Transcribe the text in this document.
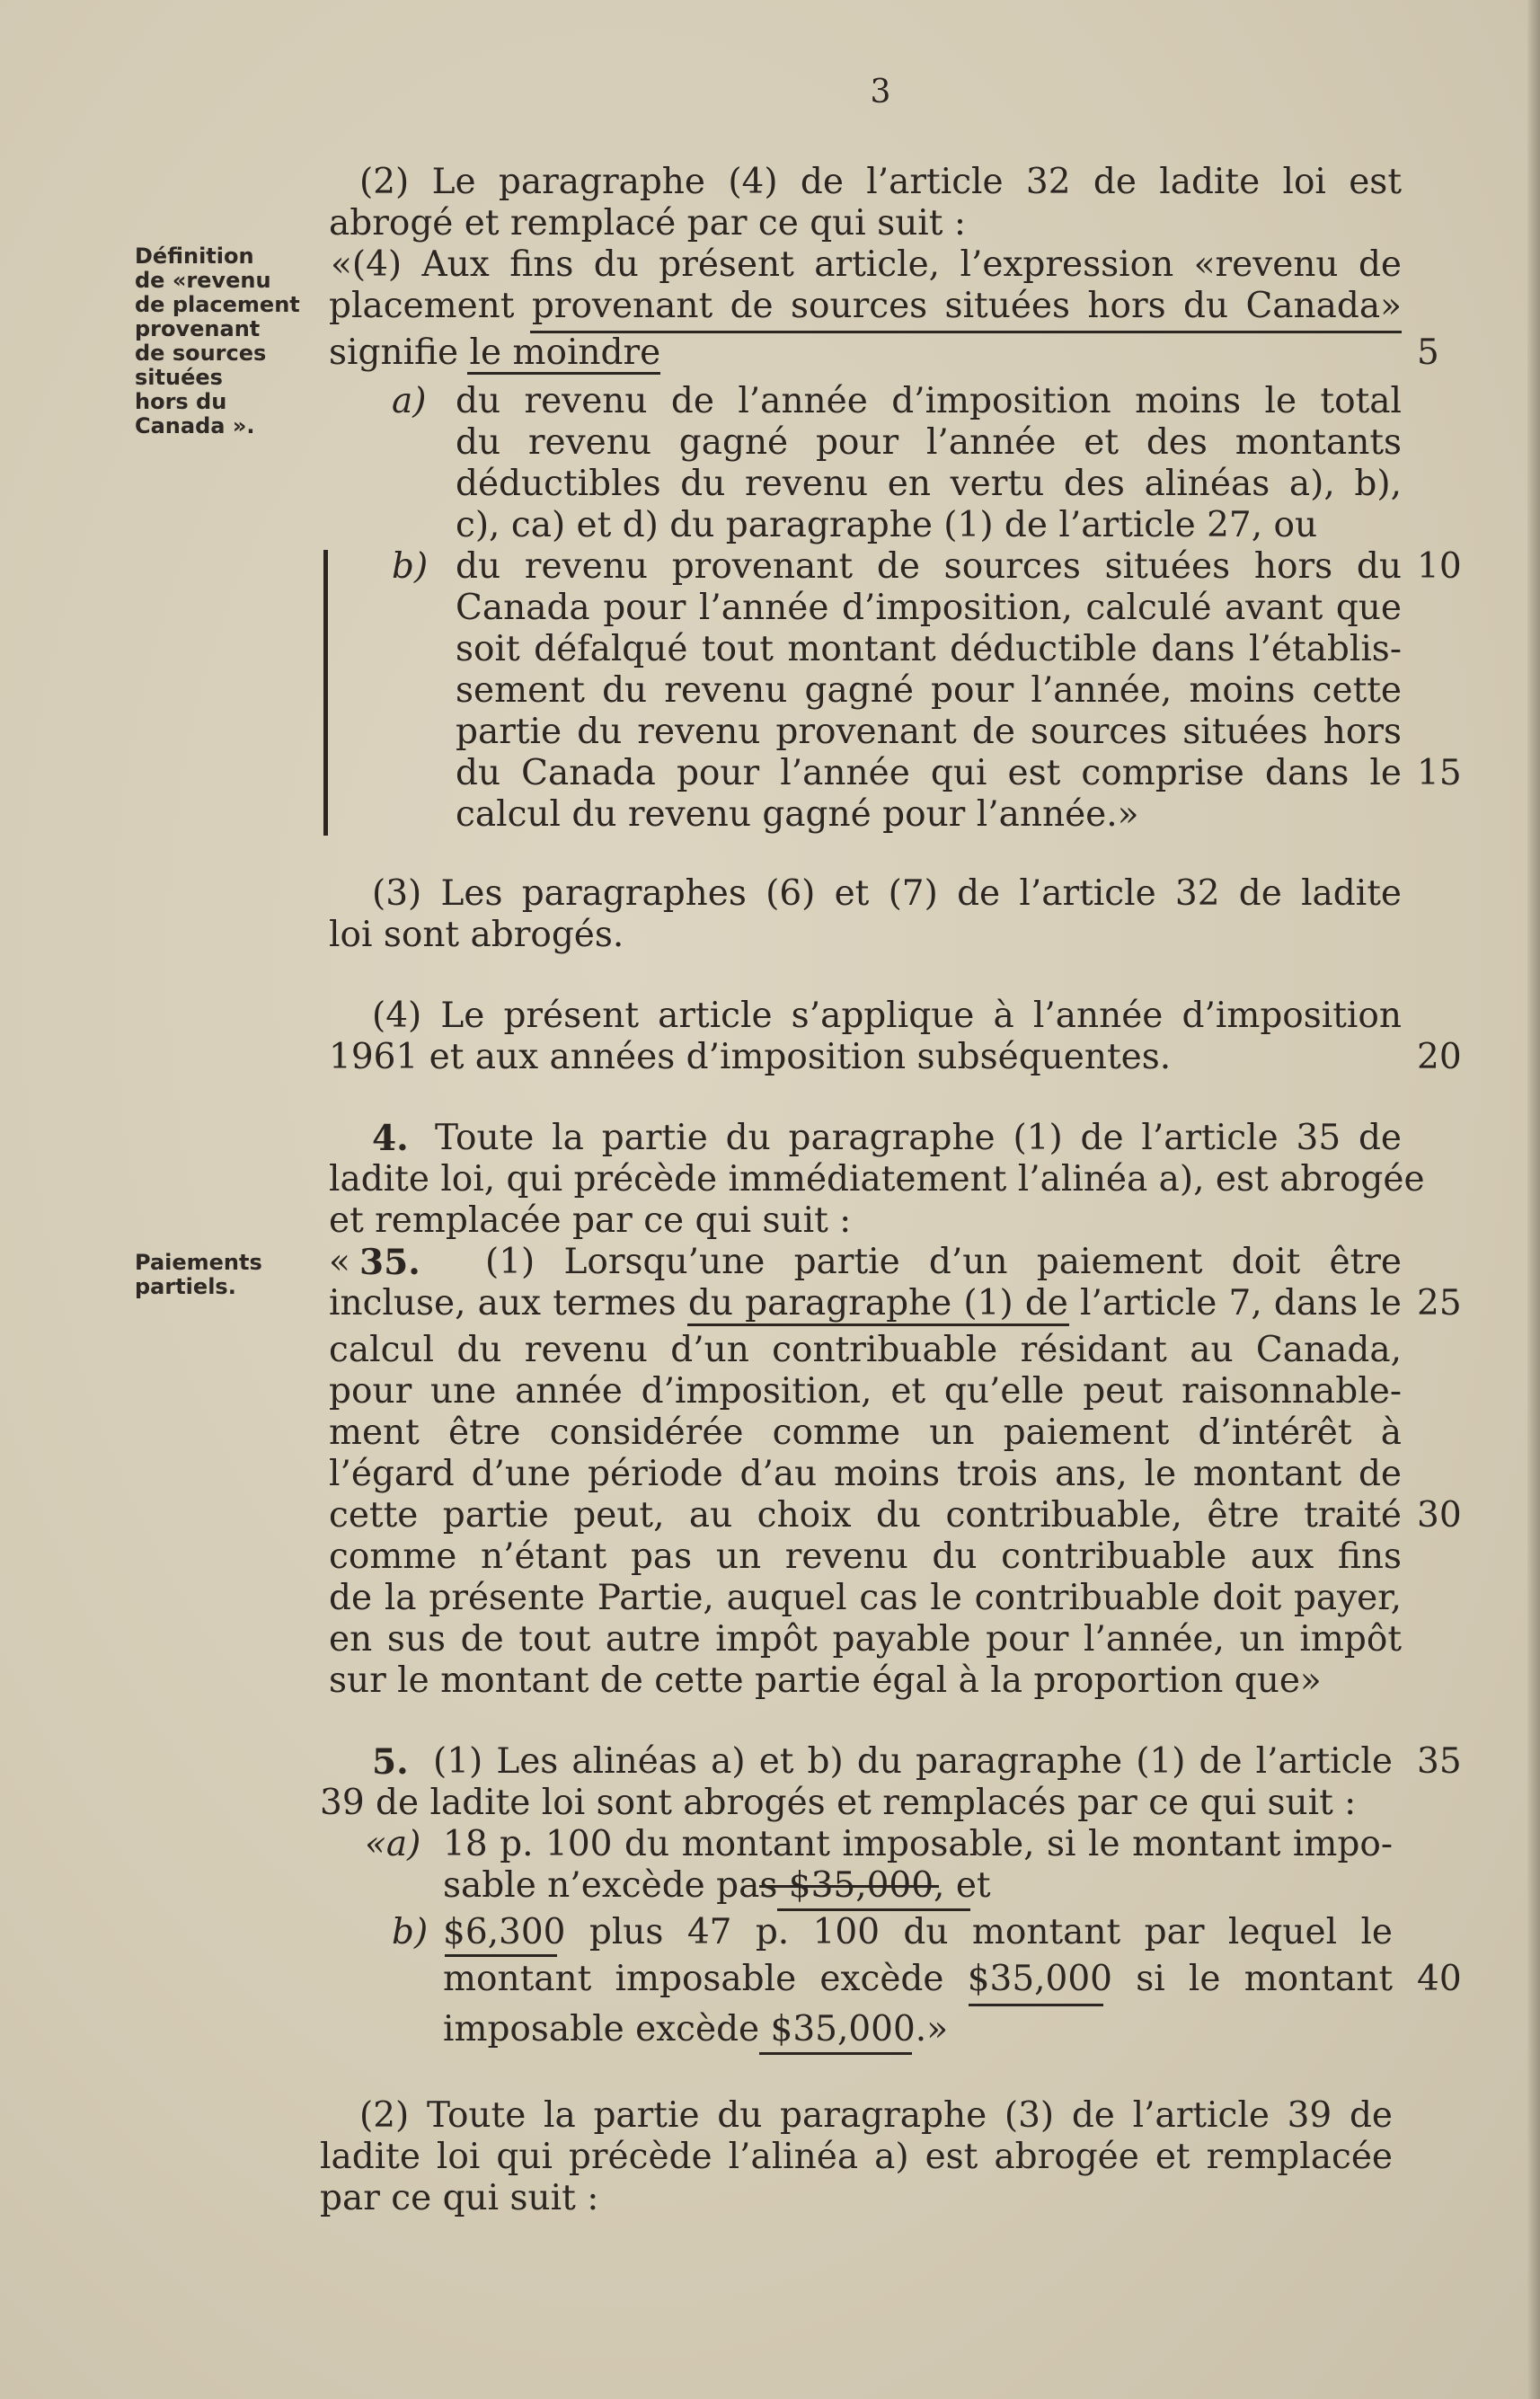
3
Définition
de «revenu
de placement
provenant
de sources
situées
hors du
Canada ».
Paiements
partiels.
(2) Le paragraphe (4) de l’article 32 de ladite loi est
abrogé et remplacé par ce qui suit :
«(4) Aux fins du présent article, l’expression «revenu de
placement provenant de sources situées hors du Canada»
signifie le moindre	5
a) du revenu de l’année d’imposition moins le total
du revenu gagné pour l’année et des montants
déductibles du revenu en vertu des alinéas a), b),
c), ca) et d) du paragraphe (1) de l’article 27, ou
b) du revenu provenant de sources situées hors du 10
Canada pour l’année d’imposition, calculé avant que
soit défalqué tout montant déductible dans l’établis-
sement du revenu gagné pour l’année, moins cette
partie du revenu provenant de sources situées hors
du Canada pour l’année qui est comprise dans le 15
calcul du revenu gagné pour l’année.»
(3) Les paragraphes (6) et (7) de l’article 32 de ladite
loi sont abrogés.
(4) Le présent article s’applique à l’année d’imposition
1961 et aux années d’imposition subséquentes.	20
4. Toute la partie du paragraphe (1) de l’article 35 de
ladite loi, qui précède immédiatement l’alinéa a), est abrogée
et remplacée par ce qui suit :
« 35. (1) Lorsqu’une partie d’un paiement doit être
incluse, aux termes du paragraphe (1) de l’article 7, dans le 25
calcul du revenu d’un contribuable résidant au Canada,
pour une année d’imposition, et qu’elle peut raisonnable-
ment être considérée comme un paiement d’intérêt à
l’égard d’une période d’au moins trois ans, le montant de
cette partie peut, au choix du contribuable, être traité 30
comme n’étant pas un revenu du contribuable aux fins
de la présente Partie, auquel cas le contribuable doit payer,
en sus de tout autre impôt payable pour l’année, un impôt
sur le montant de cette partie égal à la proportion que»
5. (1) Les alinéas a) et b) du paragraphe (1) de l’article 35
39 de ladite loi sont abrogés et remplacés par ce qui suit :
«a) 18 p. 100 du montant imposable, si le montant impo-
sable n’excède pas $35,000, et
b) $6,300 plus 47 p. 100 du montant par lequel le
montant imposable excède $35,000 si le montant 40
imposable excède $35,000.»
(2) Toute la partie du paragraphe (3) de l’article 39 de
ladite loi qui précède l’alinéa a) est abrogée et remplacée
par ce qui suit :
